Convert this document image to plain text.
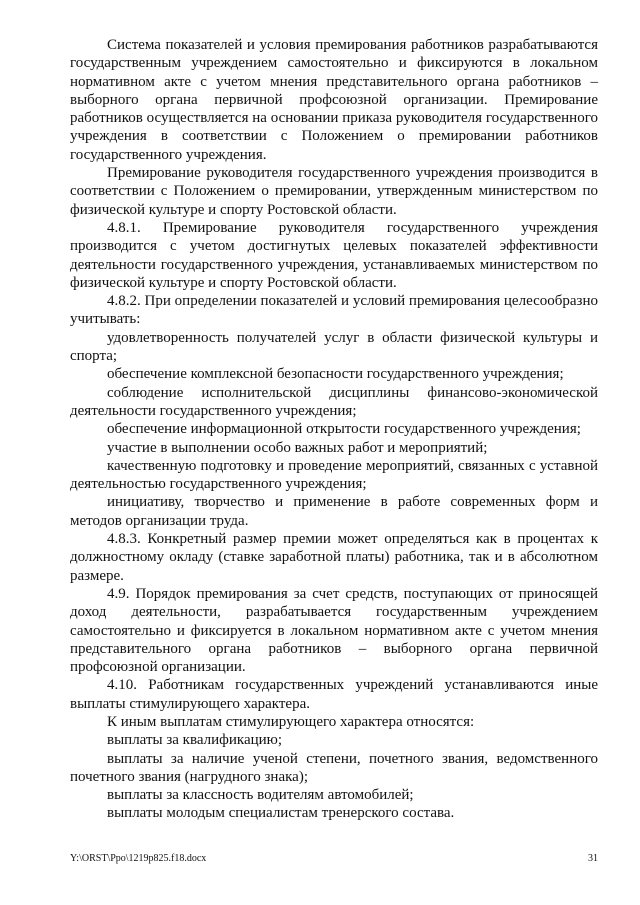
Система показателей и условия премирования работников разрабатываются государственным учреждением самостоятельно и фиксируются в локальном нормативном акте с учетом мнения представительного органа работников – выборного органа первичной профсоюзной организации. Премирование работников осуществляется на основании приказа руководителя государственного учреждения в соответствии с Положением о премировании работников государственного учреждения.

Премирование руководителя государственного учреждения производится в соответствии с Положением о премировании, утвержденным министерством по физической культуре и спорту Ростовской области.

4.8.1. Премирование руководителя государственного учреждения производится с учетом достигнутых целевых показателей эффективности деятельности государственного учреждения, устанавливаемых министерством по физической культуре и спорту Ростовской области.

4.8.2. При определении показателей и условий премирования целесообразно учитывать:

удовлетворенность получателей услуг в области физической культуры и спорта;

обеспечение комплексной безопасности государственного учреждения;

соблюдение исполнительской дисциплины финансово-экономической деятельности государственного учреждения;

обеспечение информационной открытости государственного учреждения;

участие в выполнении особо важных работ и мероприятий;

качественную подготовку и проведение мероприятий, связанных с уставной деятельностью государственного учреждения;

инициативу, творчество и применение в работе современных форм и методов организации труда.

4.8.3. Конкретный размер премии может определяться как в процентах к должностному окладу (ставке заработной платы) работника, так и в абсолютном размере.

4.9. Порядок премирования за счет средств, поступающих от приносящей доход деятельности, разрабатывается государственным учреждением самостоятельно и фиксируется в локальном нормативном акте с учетом мнения представительного органа работников – выборного органа первичной профсоюзной организации.

4.10. Работникам государственных учреждений устанавливаются иные выплаты стимулирующего характера.

К иным выплатам стимулирующего характера относятся:

выплаты за квалификацию;

выплаты за наличие ученой степени, почетного звания, ведомственного почетного звания (нагрудного знака);

выплаты за классность водителям автомобилей;

выплаты молодым специалистам тренерского состава.

Y:\ORST\Ppo\1219p825.f18.docx	31
